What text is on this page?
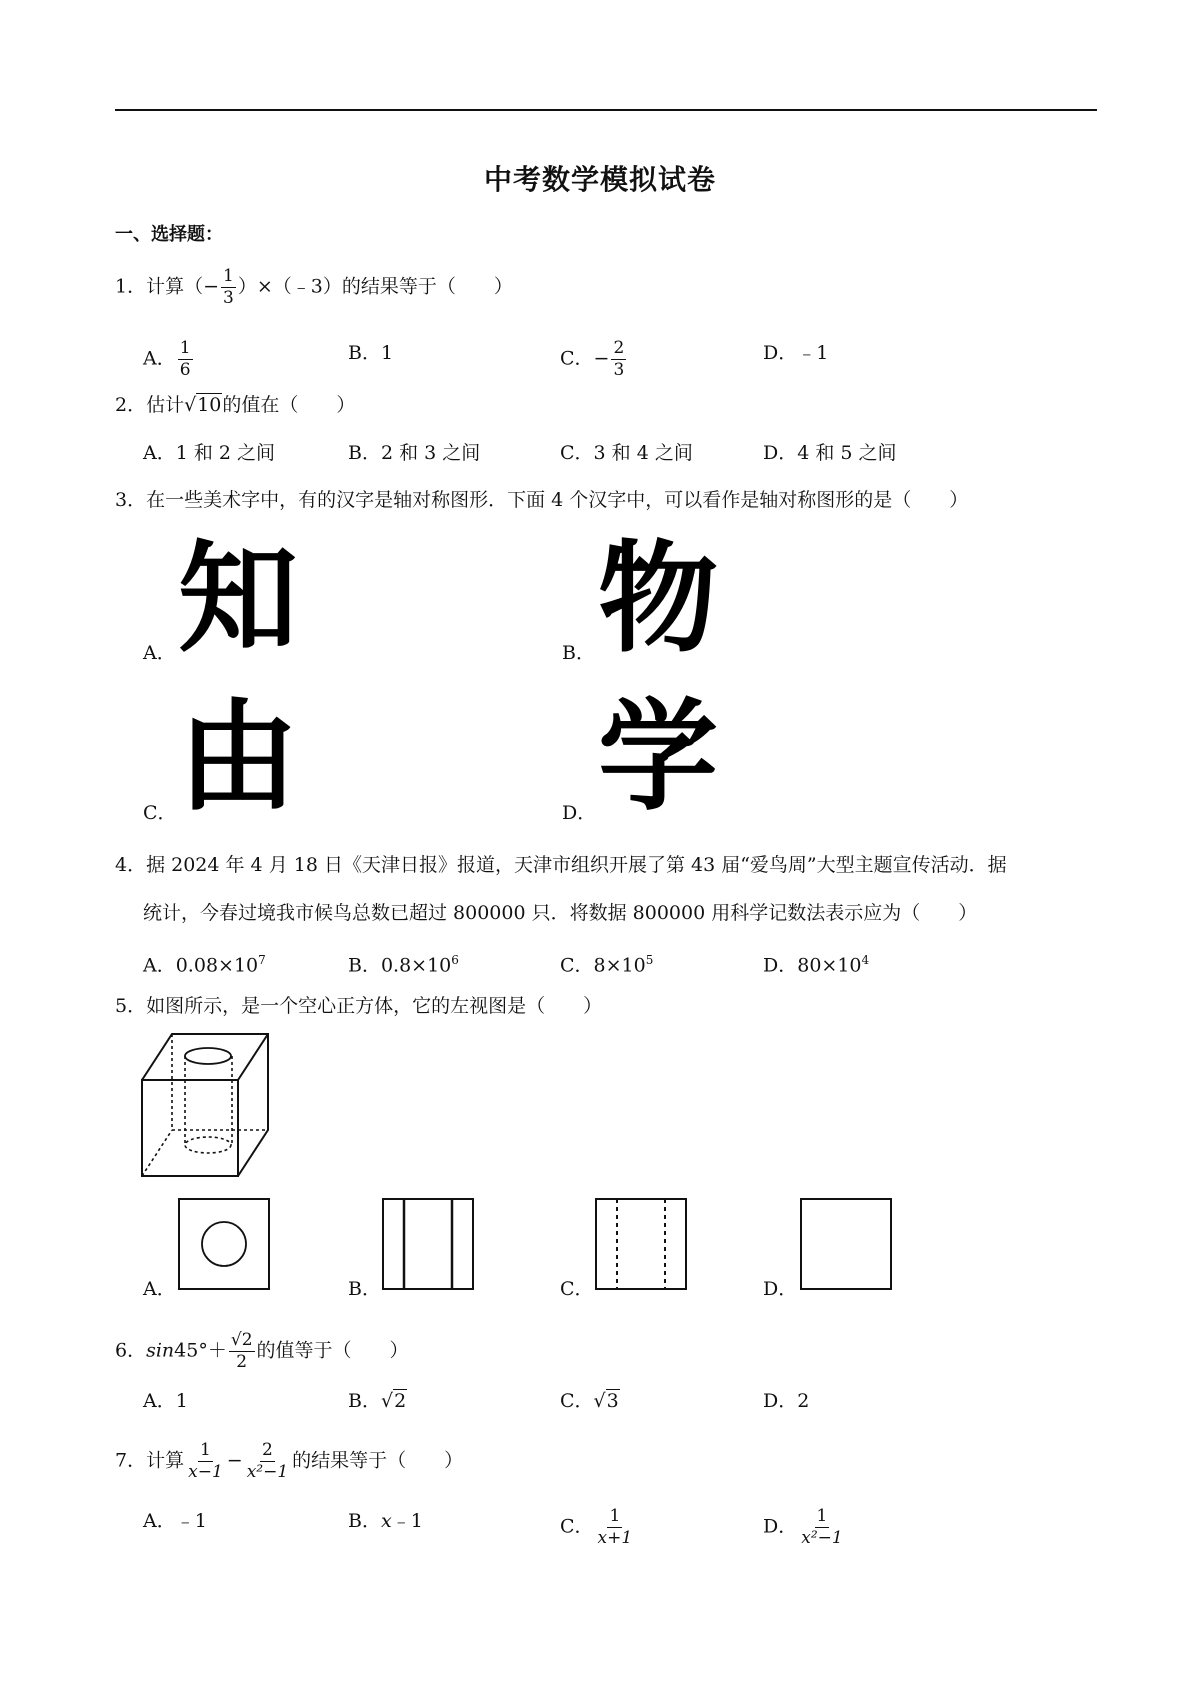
中考数学模拟试卷
一、选择题：
1．计算（− $\frac{1}{3}$ ）×（﹣3）的结果等于（　　）
A． $\frac{1}{6}$	B．1	C．− $\frac{2}{3}$	D．﹣1
2．估计√10的值在（　　）
A．1 和 2 之间	B．2 和 3 之间	C．3 和 4 之间	D．4 和 5 之间
3．在一些美术字中，有的汉字是轴对称图形．下面 4 个汉字中，可以看作是轴对称图形的是（　　）
A． 知	B． 物
C． 由	D． 学
4．据 2024 年 4 月 18 日《天津日报》报道，天津市组织开展了第 43 届“爱鸟周”大型主题宣传活动．据
统计，今春过境我市候鸟总数已超过 800000 只．将数据 800000 用科学记数法表示应为（　　）
A．$0.08\times 10^7$	B．$0.8\times 10^6$	C．$8\times 10^5$	D．$80\times 10^4$
5．如图所示，是一个空心正方体，它的左视图是（　　）
A．	B．	C．	D．
6．$\sin 45^\circ+ \frac{√2}{2}$ 的值等于（　　）
A．1	B．√2	C．√3	D．2
7．计算 $\frac{1}{x-1} - \frac{2}{\text{x²−1}}$ 的结果等于（　　）
A．﹣1	B．x﹣1	C． $\frac{1}{x+1}$	D． $\frac{1}{\text{x²−1}}$
